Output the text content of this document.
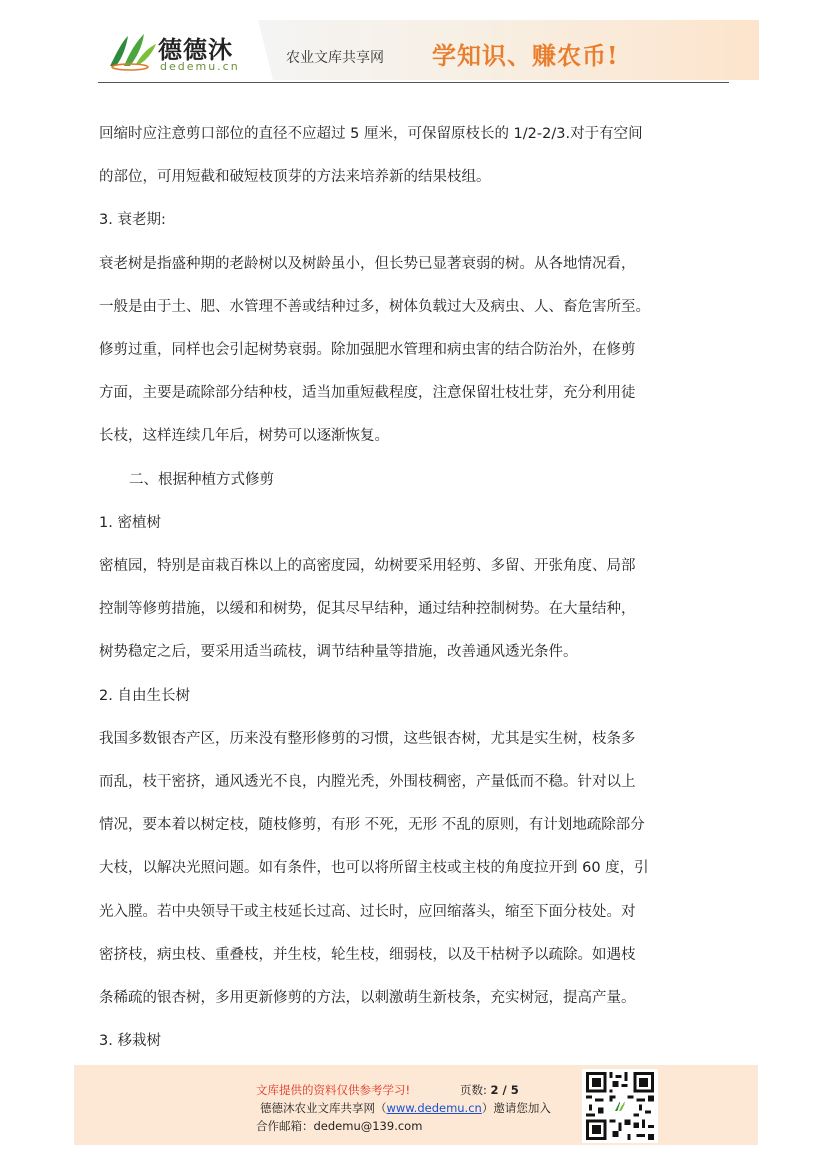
德德沐
dedemu.cn
农业文库共享网 学知识、赚农币!

回缩时应注意剪口部位的直径不应超过 5 厘米，可保留原枝长的 1/2-2/3.对于有空间

的部位，可用短截和破短枝顶芽的方法来培养新的结果枝组。

3. 衰老期:

衰老树是指盛种期的老龄树以及树龄虽小，但长势已显著衰弱的树。从各地情况看，

一般是由于土、肥、水管理不善或结种过多，树体负载过大及病虫、人、畜危害所至。

修剪过重，同样也会引起树势衰弱。除加强肥水管理和病虫害的结合防治外，在修剪

方面，主要是疏除部分结种枝，适当加重短截程度，注意保留壮枝壮芽，充分利用徒

长枝，这样连续几年后，树势可以逐渐恢复。

二、根据种植方式修剪

1. 密植树

密植园，特别是亩栽百株以上的高密度园，幼树要采用轻剪、多留、开张角度、局部

控制等修剪措施，以缓和和树势，促其尽早结种，通过结种控制树势。在大量结种，

树势稳定之后，要采用适当疏枝，调节结种量等措施，改善通风透光条件。

2. 自由生长树

我国多数银杏产区，历来没有整形修剪的习惯，这些银杏树，尤其是实生树，枝条多

而乱，枝干密挤，通风透光不良，内膛光秃，外围枝稠密，产量低而不稳。针对以上

情况，要本着以树定枝，随枝修剪，有形 不死，无形 不乱的原则，有计划地疏除部分

大枝，以解决光照问题。如有条件，也可以将所留主枝或主枝的角度拉开到 60 度，引

光入膛。若中央领导干或主枝延长过高、过长时，应回缩落头，缩至下面分枝处。对

密挤枝，病虫枝、重叠枝，并生枝，轮生枝，细弱枝，以及干枯树予以疏除。如遇枝

条稀疏的银杏树，多用更新修剪的方法，以刺激萌生新枝条，充实树冠，提高产量。

3. 移栽树

文库提供的资料仅供参考学习!	页数: 2 / 5
德德沐农业文库共享网（www.dedemu.cn）邀请您加入
合作邮箱：dedemu@139.com
